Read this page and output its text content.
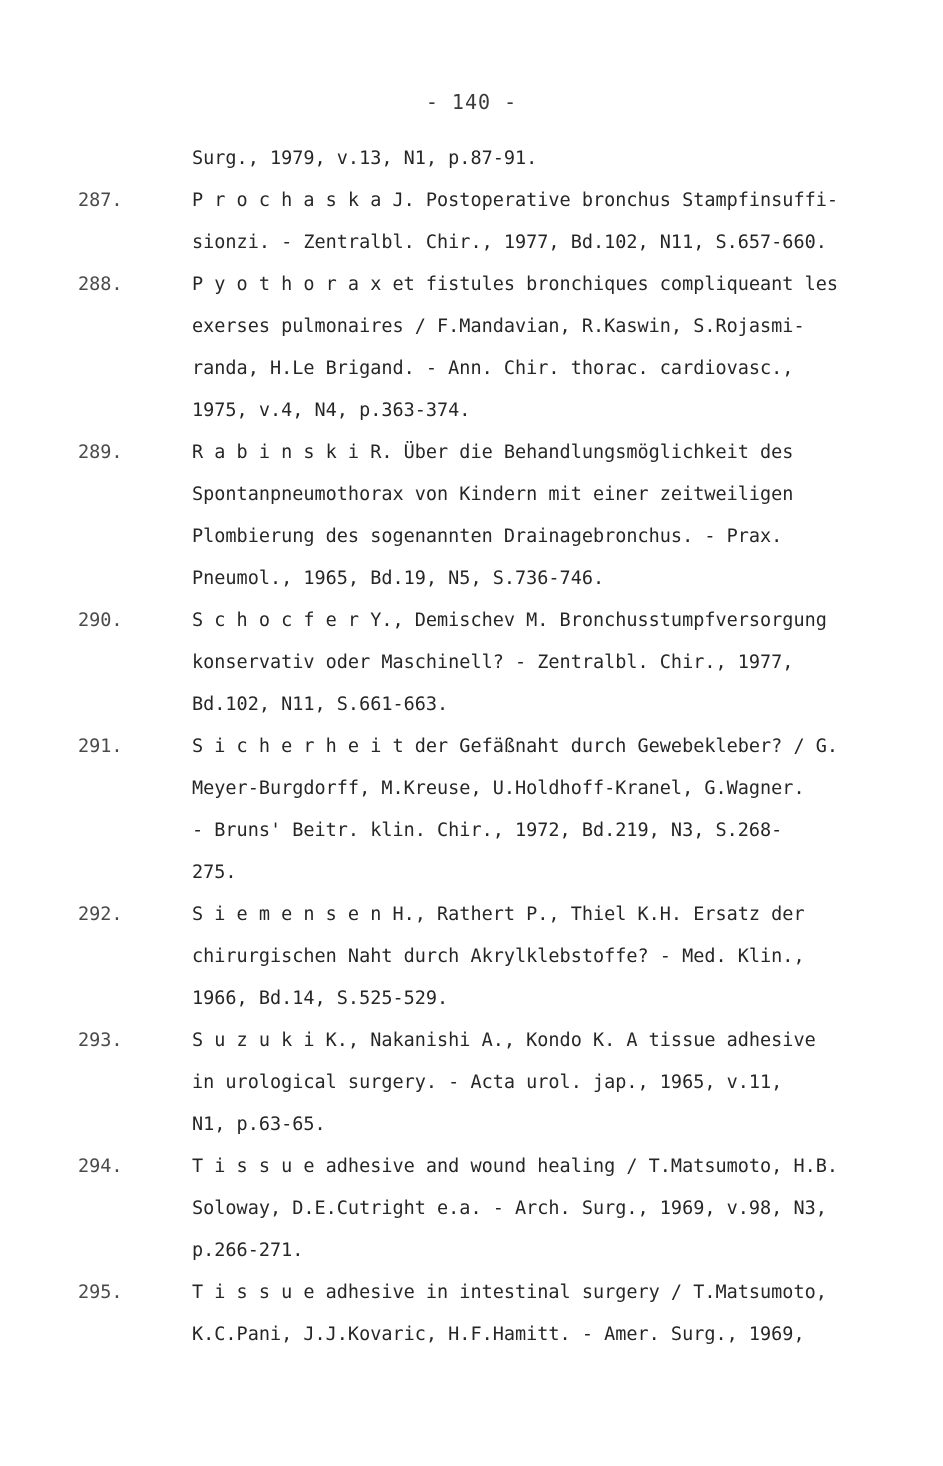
- 140 -
Surg., 1979, v.13, N1, p.87-91.
287.	P r o c h a s k a J. Postoperative bronchus Stampfinsuffi-
sionzi. - Zentralbl. Chir., 1977, Bd.102, N11, S.657-660.
288.	P y o t h o r a x et fistules bronchiques compliqueant les
exerses pulmonaires / F.Mandavian, R.Kaswin, S.Rojasmi-
randa, H.Le Brigand. - Ann. Chir. thorac. cardiovasc.,
1975, v.4, N4, p.363-374.
289.	R a b i n s k i R. Über die Behandlungsmöglichkeit des
Spontanpneumothorax von Kindern mit einer zeitweiligen
Plombierung des sogenannten Drainagebronchus. - Prax.
Pneumol., 1965, Bd.19, N5, S.736-746.
290.	S c h o c f e r Y., Demischev M. Bronchusstumpfversorgung
konservativ oder Maschinell? - Zentralbl. Chir., 1977,
Bd.102, N11, S.661-663.
291.	S i c h e r h e i t der Gefäßnaht durch Gewebekleber? / G.
Meyer-Burgdorff, M.Kreuse, U.Holdhoff-Kranel, G.Wagner.
- Bruns' Beitr. klin. Chir., 1972, Bd.219, N3, S.268-
275.
292.	S i e m e n s e n H., Rathert P., Thiel K.H. Ersatz der
chirurgischen Naht durch Akrylklebstoffe? - Med. Klin.,
1966, Bd.14, S.525-529.
293.	S u z u k i K., Nakanishi A., Kondo K. A tissue adhesive
in urological surgery. - Acta urol. jap., 1965, v.11,
N1, p.63-65.
294.	T i s s u e adhesive and wound healing / T.Matsumoto, H.B.
Soloway, D.E.Cutright e.a. - Arch. Surg., 1969, v.98, N3,
p.266-271.
295.	T i s s u e adhesive in intestinal surgery / T.Matsumoto,
K.C.Pani, J.J.Kovaric, H.F.Hamitt. - Amer. Surg., 1969,
